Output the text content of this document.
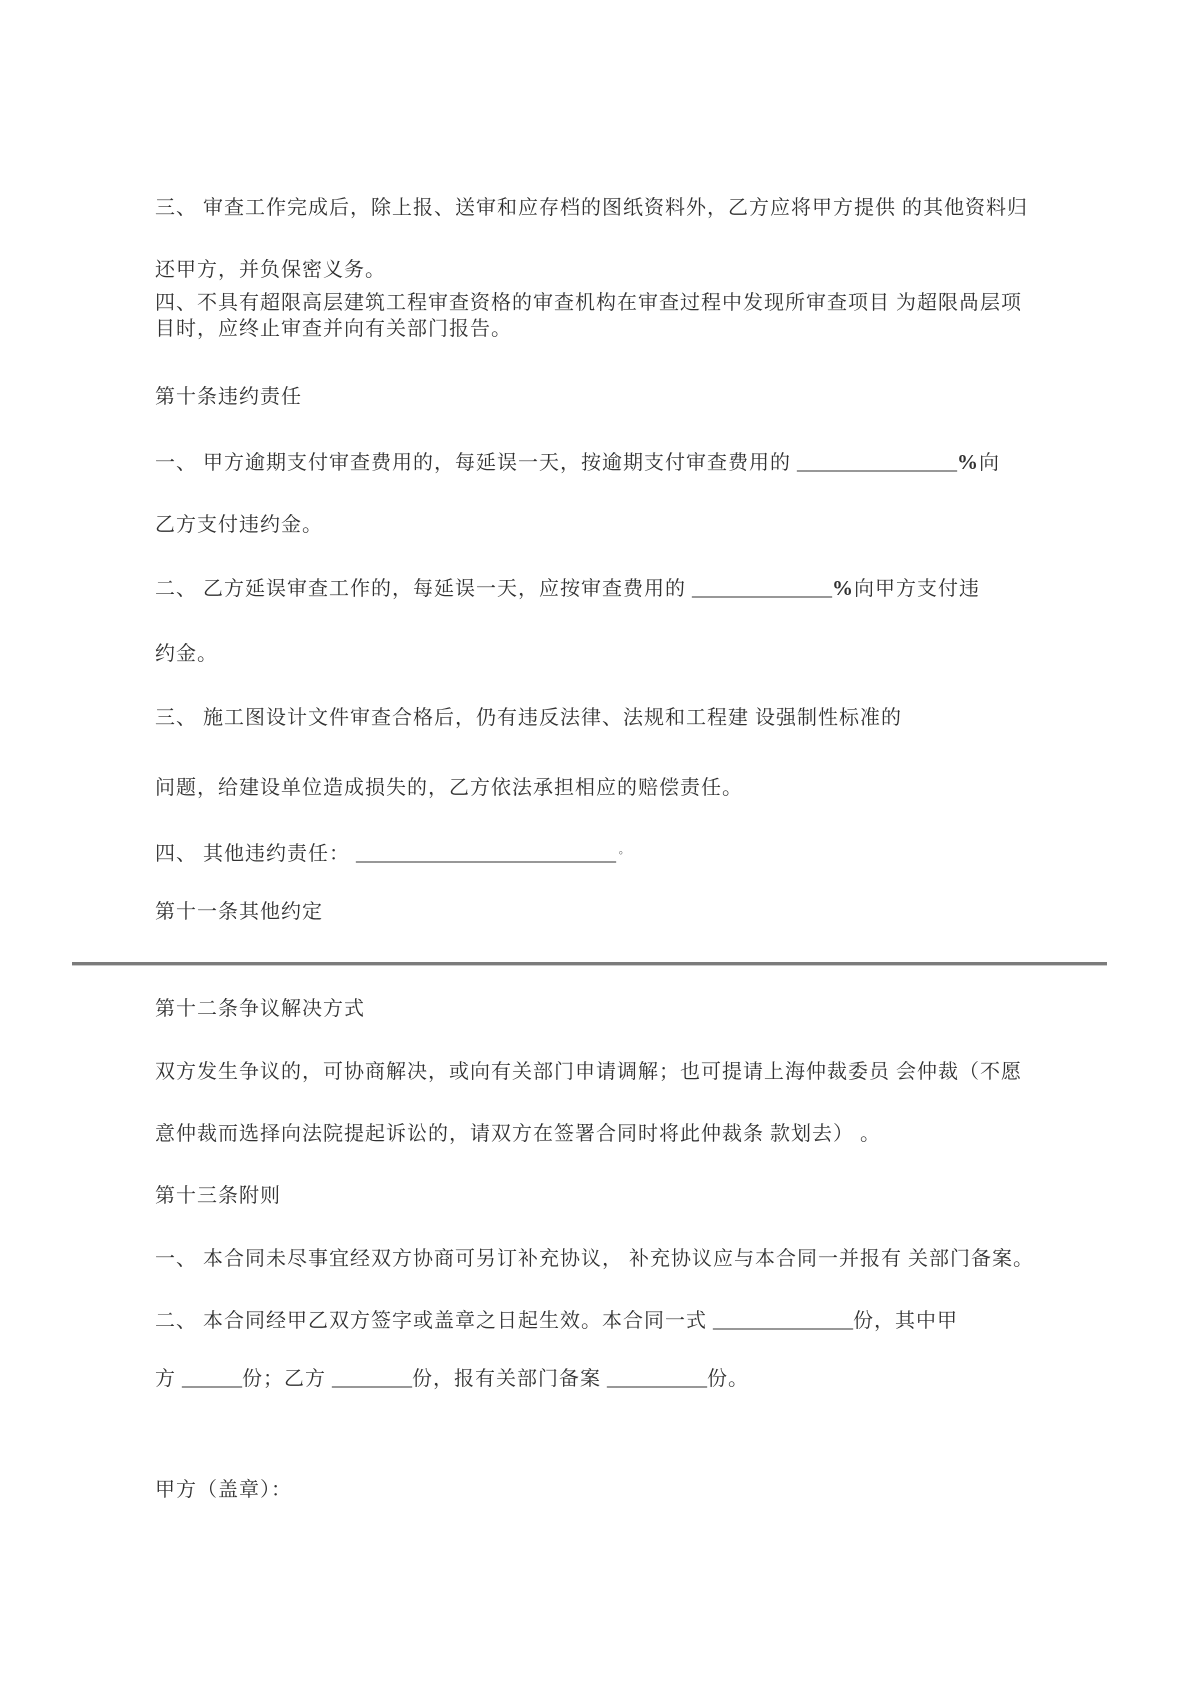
三、 审查工作完成后，除上报、送审和应存档的图纸资料外，乙方应将甲方提供 的其他资料归

还甲方，并负保密义务。

四、不具有超限高层建筑工程审查资格的审查机构在审查过程中发现所审查项目 为超限咼层项

目时，应终止审查并向有关部门报告。

第十条违约责任

一、 甲方逾期支付审查费用的，每延误一天，按逾期支付审查费用的 ________________%向

乙方支付违约金。

二、 乙方延误审查工作的，每延误一天，应按审查费用的 ______________%向甲方支付违

约金。

三、 施工图设计文件审查合格后，仍有违反法律、法规和工程建 设强制性标准的

问题，给建设单位造成损失的，乙方依法承担相应的赔偿责任。

四、 其他违约责任： __________________________ 。

第十一条其他约定

第十二条争议解决方式

双方发生争议的，可协商解决，或向有关部门申请调解；也可提请上海仲裁委员 会仲裁（不愿

意仲裁而选择向法院提起诉讼的，请双方在签署合同时将此仲裁条 款划去） 。

第十三条附则

一、 本合同未尽事宜经双方协商可另订补充协议， 补充协议应与本合同一并报有 关部门备案。

二、 本合同经甲乙双方签字或盖章之日起生效。本合同一式 ______________份，其中甲

方 ______份；乙方 ________份，报有关部门备案 __________份。

甲方（盖章）：
